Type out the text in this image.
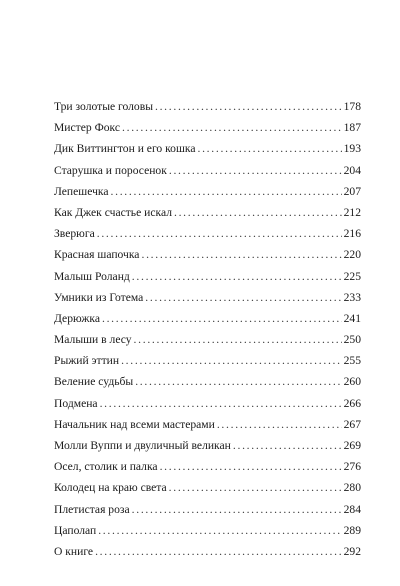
Три золотые головы . . .	178
Мистер Фокс . . .	187
Дик Виттингтон и его кошка . . .	193
Старушка и поросенок . . .	204
Лепешечка . . .	207
Как Джек счастье искал . . .	212
Зверюга . . .	216
Красная шапочка . . .	220
Малыш Роланд . . .	225
Умники из Готема . . .	233
Дерюжка . . .	241
Малыши в лесу . . .	250
Рыжий эттин . . .	255
Веление судьбы . . .	260
Подмена . . .	266
Начальник над всеми мастерами . . .	267
Молли Вуппи и двуличный великан . . .	269
Осел, столик и палка . . .	276
Колодец на краю света . . .	280
Плетистая роза . . .	284
Цаполап . . .	289
О книге . . .	292
